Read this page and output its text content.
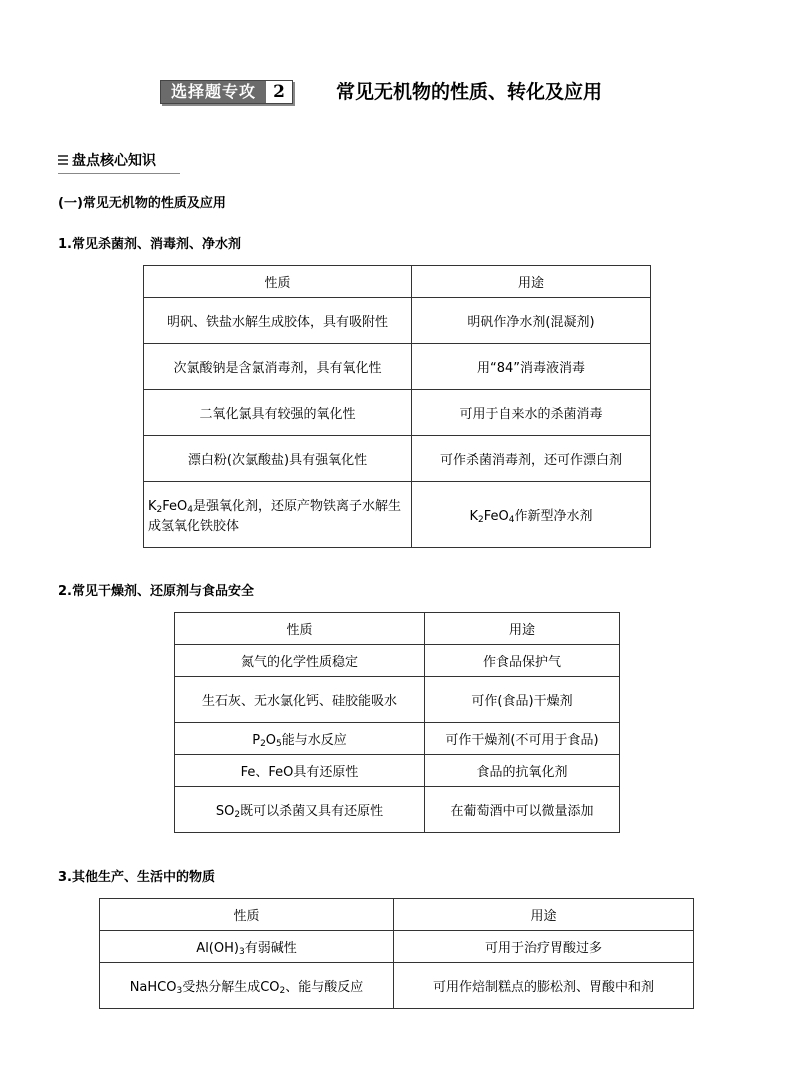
选择题专攻	2	常见无机物的性质、转化及应用
盘点核心知识
(一)常见无机物的性质及应用
1.常见杀菌剂、消毒剂、净水剂
性质	用途
明矾、铁盐水解生成胶体，具有吸附性	明矾作净水剂(混凝剂)
次氯酸钠是含氯消毒剂，具有氧化性	用“84”消毒液消毒
二氧化氯具有较强的氧化性	可用于自来水的杀菌消毒
漂白粉(次氯酸盐)具有强氧化性	可作杀菌消毒剂，还可作漂白剂
$K_2FeO_4$是强氧化剂，还原产物铁离子水解生成氢氧化铁胶体	$K_2FeO_4$作新型净水剂
2.常见干燥剂、还原剂与食品安全
性质	用途
氮气的化学性质稳定	作食品保护气
生石灰、无水氯化钙、硅胶能吸水	可作(食品)干燥剂
$P_2O_5$能与水反应	可作干燥剂(不可用于食品)
Fe、FeO具有还原性	食品的抗氧化剂
$SO_2$既可以杀菌又具有还原性	在葡萄酒中可以微量添加
3.其他生产、生活中的物质
性质	用途
$Al(OH)_3$有弱碱性	可用于治疗胃酸过多
NaHCO$_3$受热分解生成$CO_2$、能与酸反应	可用作焙制糕点的膨松剂、胃酸中和剂
